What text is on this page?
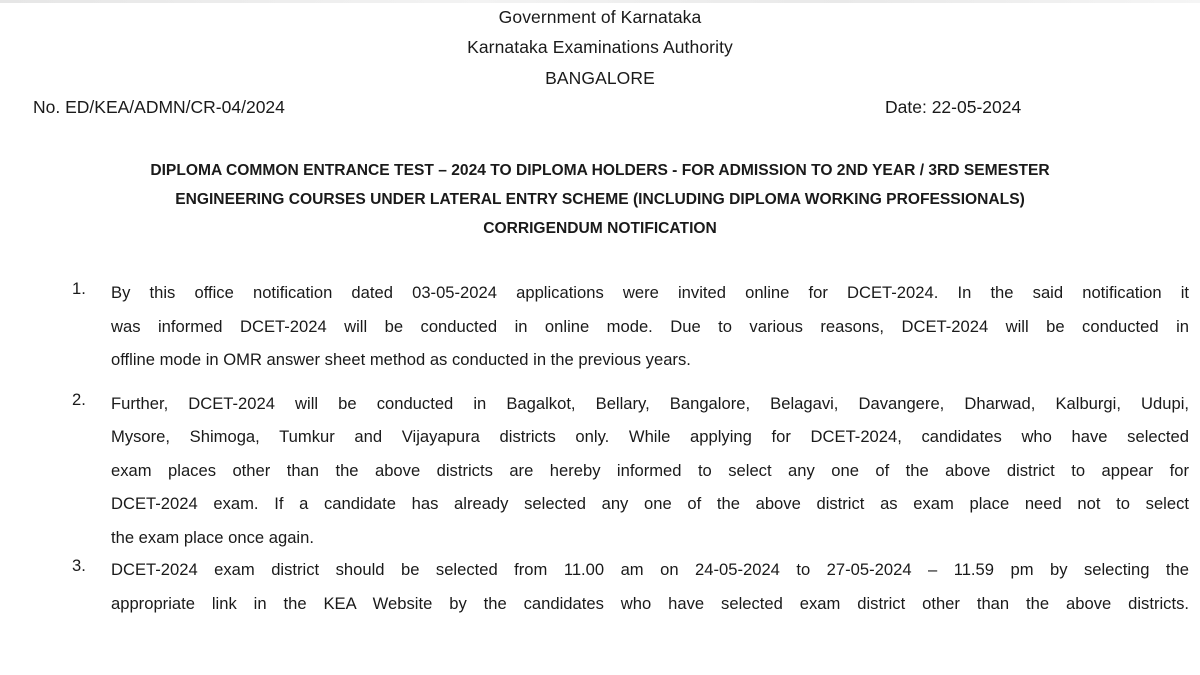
Government of Karnataka
Karnataka Examinations Authority
BANGALORE
No. ED/KEA/ADMN/CR-04/2024	Date: 22-05-2024
DIPLOMA COMMON ENTRANCE TEST – 2024 TO DIPLOMA HOLDERS - FOR ADMISSION TO 2ND YEAR / 3RD SEMESTER
ENGINEERING COURSES UNDER LATERAL ENTRY SCHEME (INCLUDING DIPLOMA WORKING PROFESSIONALS)
CORRIGENDUM NOTIFICATION
1. By this office notification dated 03-05-2024 applications were invited online for DCET-2024. In the said notification it
was informed DCET-2024 will be conducted in online mode. Due to various reasons, DCET-2024 will be conducted in
offline mode in OMR answer sheet method as conducted in the previous years.
2. Further, DCET-2024 will be conducted in Bagalkot, Bellary, Bangalore, Belagavi, Davangere, Dharwad, Kalburgi, Udupi,
Mysore, Shimoga, Tumkur and Vijayapura districts only. While applying for DCET-2024, candidates who have selected
exam places other than the above districts are hereby informed to select any one of the above district to appear for
DCET-2024 exam. If a candidate has already selected any one of the above district as exam place need not to select
the exam place once again.
3. DCET-2024 exam district should be selected from 11.00 am on 24-05-2024 to 27-05-2024 – 11.59 pm by selecting the
appropriate link in the KEA Website by the candidates who have selected exam district other than the above districts.
